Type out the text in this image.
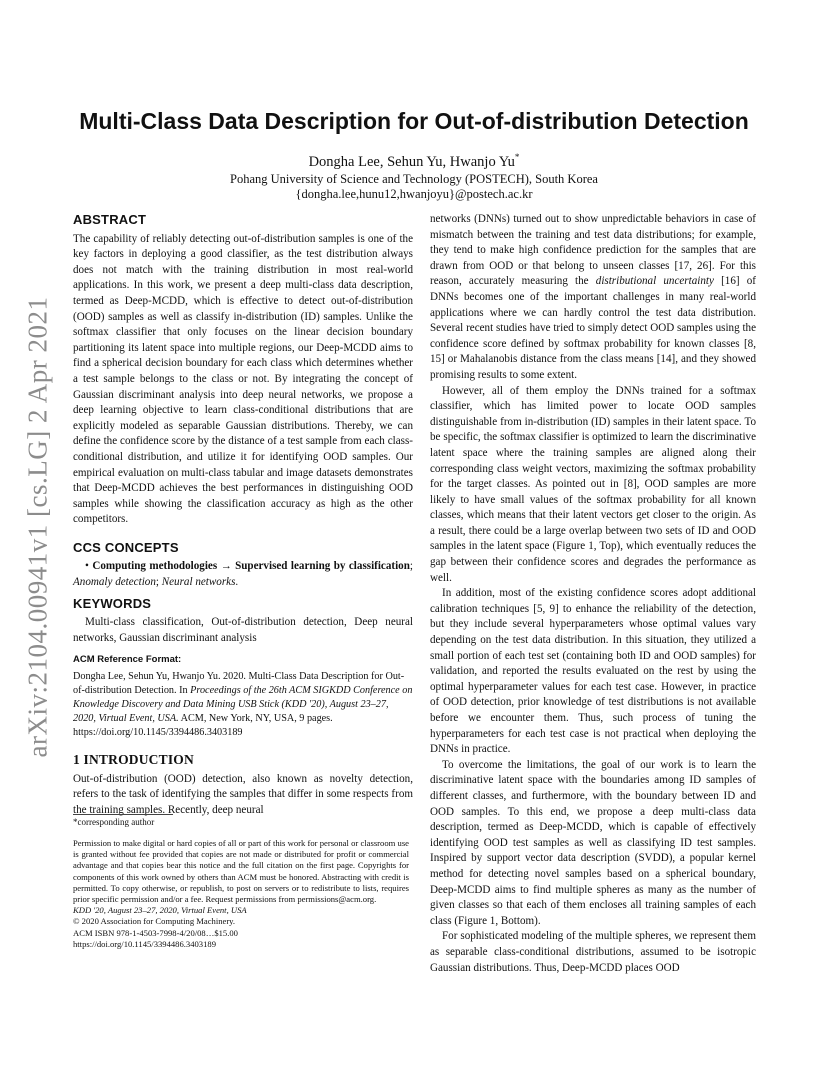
arXiv:2104.00941v1 [cs.LG] 2 Apr 2021
Multi-Class Data Description for Out-of-distribution Detection
Dongha Lee, Sehun Yu, Hwanjo Yu*
Pohang University of Science and Technology (POSTECH), South Korea
{dongha.lee,hunu12,hwanjoyu}@postech.ac.kr
ABSTRACT

The capability of reliably detecting out-of-distribution samples is one of the key factors in deploying a good classifier, as the test distribution always does not match with the training distribution in most real-world applications. In this work, we present a deep multi-class data description, termed as Deep-MCDD, which is effective to detect out-of-distribution (OOD) samples as well as classify in-distribution (ID) samples. Unlike the softmax classifier that only focuses on the linear decision boundary partitioning its latent space into multiple regions, our Deep-MCDD aims to find a spherical decision boundary for each class which determines whether a test sample belongs to the class or not. By integrating the concept of Gaussian discriminant analysis into deep neural networks, we propose a deep learning objective to learn class-conditional distributions that are explicitly modeled as separable Gaussian distributions. Thereby, we can define the confidence score by the distance of a test sample from each class-conditional distribution, and utilize it for identifying OOD samples. Our empirical evaluation on multi-class tabular and image datasets demonstrates that Deep-MCDD achieves the best performances in distinguishing OOD samples while showing the classification accuracy as high as the other competitors.

CCS CONCEPTS

• Computing methodologies → Supervised learning by classification; Anomaly detection; Neural networks.

KEYWORDS

Multi-class classification, Out-of-distribution detection, Deep neural networks, Gaussian discriminant analysis

ACM Reference Format:

Dongha Lee, Sehun Yu, Hwanjo Yu. 2020. Multi-Class Data Description for Out-of-distribution Detection. In Proceedings of the 26th ACM SIGKDD Conference on Knowledge Discovery and Data Mining USB Stick (KDD '20), August 23–27, 2020, Virtual Event, USA. ACM, New York, NY, USA, 9 pages. https://doi.org/10.1145/3394486.3403189

1 INTRODUCTION

Out-of-distribution (OOD) detection, also known as novelty detection, refers to the task of identifying the samples that differ in some respects from the training samples. Recently, deep neural

*corresponding author

Permission to make digital or hard copies of all or part of this work for personal or classroom use is granted without fee provided that copies are not made or distributed for profit or commercial advantage and that copies bear this notice and the full citation on the first page. Copyrights for components of this work owned by others than ACM must be honored. Abstracting with credit is permitted. To copy otherwise, or republish, to post on servers or to redistribute to lists, requires prior specific permission and/or a fee. Request permissions from permissions@acm.org.

KDD '20, August 23–27, 2020, Virtual Event, USA

© 2020 Association for Computing Machinery.

ACM ISBN 978-1-4503-7998-4/20/08…$15.00

https://doi.org/10.1145/3394486.3403189

networks (DNNs) turned out to show unpredictable behaviors in case of mismatch between the training and test data distributions; for example, they tend to make high confidence prediction for the samples that are drawn from OOD or that belong to unseen classes [17, 26]. For this reason, accurately measuring the distributional uncertainty [16] of DNNs becomes one of the important challenges in many real-world applications where we can hardly control the test data distribution. Several recent studies have tried to simply detect OOD samples using the confidence score defined by softmax probability for known classes [8, 15] or Mahalanobis distance from the class means [14], and they showed promising results to some extent.

However, all of them employ the DNNs trained for a softmax classifier, which has limited power to locate OOD samples distinguishable from in-distribution (ID) samples in their latent space. To be specific, the softmax classifier is optimized to learn the discriminative latent space where the training samples are aligned along their corresponding class weight vectors, maximizing the softmax probability for the target classes. As pointed out in [8], OOD samples are more likely to have small values of the softmax probability for all known classes, which means that their latent vectors get closer to the origin. As a result, there could be a large overlap between two sets of ID and OOD samples in the latent space (Figure 1, Top), which eventually reduces the gap between their confidence scores and degrades the performance as well.

In addition, most of the existing confidence scores adopt additional calibration techniques [5, 9] to enhance the reliability of the detection, but they include several hyperparameters whose optimal values vary depending on the test data distribution. In this situation, they utilized a small portion of each test set (containing both ID and OOD samples) for validation, and reported the results evaluated on the rest by using the optimal hyperparameter values for each test case. However, in practice of OOD detection, prior knowledge of test distributions is not available before we encounter them. Thus, such process of tuning the hyperparameters for each test case is not practical when deploying the DNNs in practice.

To overcome the limitations, the goal of our work is to learn the discriminative latent space with the boundaries among ID samples of different classes, and furthermore, with the boundary between ID and OOD samples. To this end, we propose a deep multi-class data description, termed as Deep-MCDD, which is capable of effectively identifying OOD test samples as well as classifying ID test samples. Inspired by support vector data description (SVDD), a popular kernel method for detecting novel samples based on a spherical boundary, Deep-MCDD aims to find multiple spheres as many as the number of given classes so that each of them encloses all training samples of each class (Figure 1, Bottom).

For sophisticated modeling of the multiple spheres, we represent them as separable class-conditional distributions, assumed to be isotropic Gaussian distributions. Thus, Deep-MCDD places OOD
